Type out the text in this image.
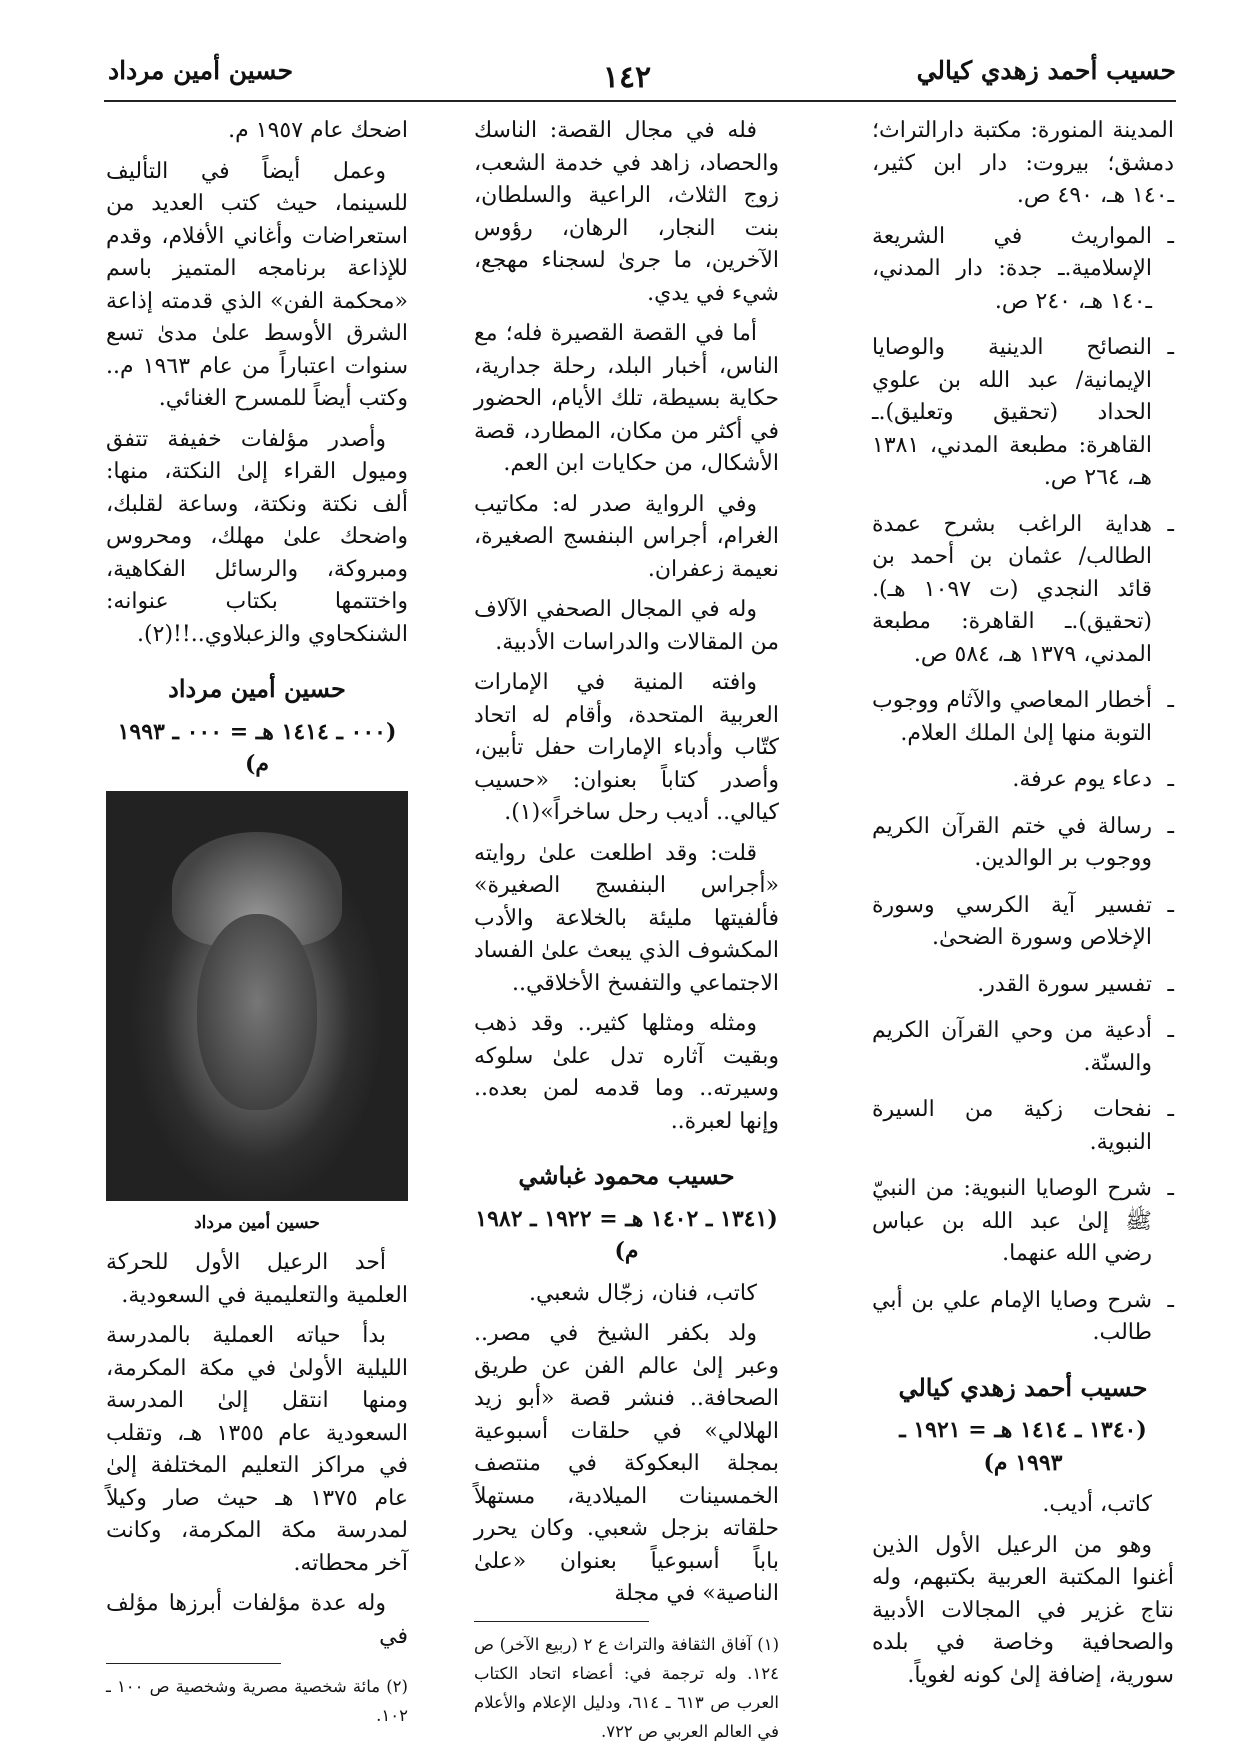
حسيب أحمد زهدي كيالي
١٤٢
حسين أمين مرداد

المدينة المنورة: مكتبة دارالتراث؛ دمشق؛ بيروت: دار ابن كثير، ـ١٤٠ هـ، ٤٩٠ ص.

ـ المواريث في الشريعة الإسلامية.ـ جدة: دار المدني، ـ١٤٠ هـ، ٢٤٠ ص.
ـ النصائح الدينية والوصايا الإيمانية/ عبد الله بن علوي الحداد (تحقيق وتعليق).ـ القاهرة: مطبعة المدني، ١٣٨١ هـ، ٢٦٤ ص.
ـ هداية الراغب بشرح عمدة الطالب/ عثمان بن أحمد بن قائد النجدي (ت ١٠٩٧ هـ). (تحقيق).ـ القاهرة: مطبعة المدني، ١٣٧٩ هـ، ٥٨٤ ص.
ـ أخطار المعاصي والآثام ووجوب التوبة منها إلىٰ الملك العلام.
ـ دعاء يوم عرفة.
ـ رسالة في ختم القرآن الكريم ووجوب بر الوالدين.
ـ تفسير آية الكرسي وسورة الإخلاص وسورة الضحىٰ.
ـ تفسير سورة القدر.
ـ أدعية من وحي القرآن الكريم والسنّة.
ـ نفحات زكية من السيرة النبوية.
ـ شرح الوصايا النبوية: من النبيّ ﷺ إلىٰ عبد الله بن عباس رضي الله عنهما.
ـ شرح وصايا الإمام علي بن أبي طالب.
حسيب أحمد زهدي كيالي
(١٣٤٠ ـ ١٤١٤ هـ = ١٩٢١ ـ ١٩٩٣ م)

كاتب، أديب.

وهو من الرعيل الأول الذين أغنوا المكتبة العربية بكتبهم، وله نتاج غزير في المجالات الأدبية والصحافية وخاصة في بلده سورية، إضافة إلىٰ كونه لغوياً.

فله في مجال القصة: الناسك والحصاد، زاهد في خدمة الشعب، زوج الثلاث، الراعية والسلطان، بنت النجار، الرهان، رؤوس الآخرين، ما جرىٰ لسجناء مهجع، شيء في يدي.

أما في القصة القصيرة فله؛ مع الناس، أخبار البلد، رحلة جدارية، حكاية بسيطة، تلك الأيام، الحضور في أكثر من مكان، المطارد، قصة الأشكال، من حكايات ابن العم.

وفي الرواية صدر له: مكاتيب الغرام، أجراس البنفسج الصغيرة، نعيمة زعفران.

وله في المجال الصحفي الآلاف من المقالات والدراسات الأدبية.

وافته المنية في الإمارات العربية المتحدة، وأقام له اتحاد كتّاب وأدباء الإمارات حفل تأبين، وأصدر كتاباً بعنوان: «حسيب كيالي.. أديب رحل ساخراً»(١).

قلت: وقد اطلعت علىٰ روايته «أجراس البنفسج الصغيرة» فألفيتها مليئة بالخلاعة والأدب المكشوف الذي يبعث علىٰ الفساد الاجتماعي والتفسخ الأخلاقي..

ومثله ومثلها كثير.. وقد ذهب وبقيت آثاره تدل علىٰ سلوكه وسيرته.. وما قدمه لمن بعده.. وإنها لعبرة..

حسيب محمود غباشي
(١٣٤١ ـ ١٤٠٢ هـ = ١٩٢٢ ـ ١٩٨٢ م)

كاتب، فنان، زجّال شعبي.

ولد بكفر الشيخ في مصر.. وعبر إلىٰ عالم الفن عن طريق الصحافة.. فنشر قصة «أبو زيد الهلالي» في حلقات أسبوعية بمجلة البعكوكة في منتصف الخمسينات الميلادية، مستهلاً حلقاته بزجل شعبي. وكان يحرر باباً أسبوعياً بعنوان «علىٰ الناصية» في مجلة

(١) آفاق الثقافة والتراث ع ٢ (ربيع الآخر) ص ١٢٤. وله ترجمة في: أعضاء اتحاد الكتاب العرب ص ٦١٣ ـ ٦١٤، ودليل الإعلام والأعلام في العالم العربي ص ٧٢٢.

اضحك عام ١٩٥٧ م.

وعمل أيضاً في التأليف للسينما، حيث كتب العديد من استعراضات وأغاني الأفلام، وقدم للإذاعة برنامجه المتميز باسم «محكمة الفن» الذي قدمته إذاعة الشرق الأوسط علىٰ مدىٰ تسع سنوات اعتباراً من عام ١٩٦٣ م.. وكتب أيضاً للمسرح الغنائي.

وأصدر مؤلفات خفيفة تتفق وميول القراء إلىٰ النكتة، منها: ألف نكتة ونكتة، وساعة لقلبك، واضحك علىٰ مهلك، ومحروس ومبروكة، والرسائل الفكاهية، واختتمها بكتاب عنوانه: الشنكحاوي والزعبلاوي..!!(٢).

حسين أمين مرداد
(٠٠٠ ـ ١٤١٤ هـ = ٠٠٠ ـ ١٩٩٣ م)
حسين أمين مرداد

أحد الرعيل الأول للحركة العلمية والتعليمية في السعودية.

بدأ حياته العملية بالمدرسة الليلية الأولىٰ في مكة المكرمة، ومنها انتقل إلىٰ المدرسة السعودية عام ١٣٥٥ هـ، وتقلب في مراكز التعليم المختلفة إلىٰ عام ١٣٧٥ هـ حيث صار وكيلاً لمدرسة مكة المكرمة، وكانت آخر محطاته.

وله عدة مؤلفات أبرزها مؤلف في

(٢) مائة شخصية مصرية وشخصية ص ١٠٠ ـ ١٠٢.
